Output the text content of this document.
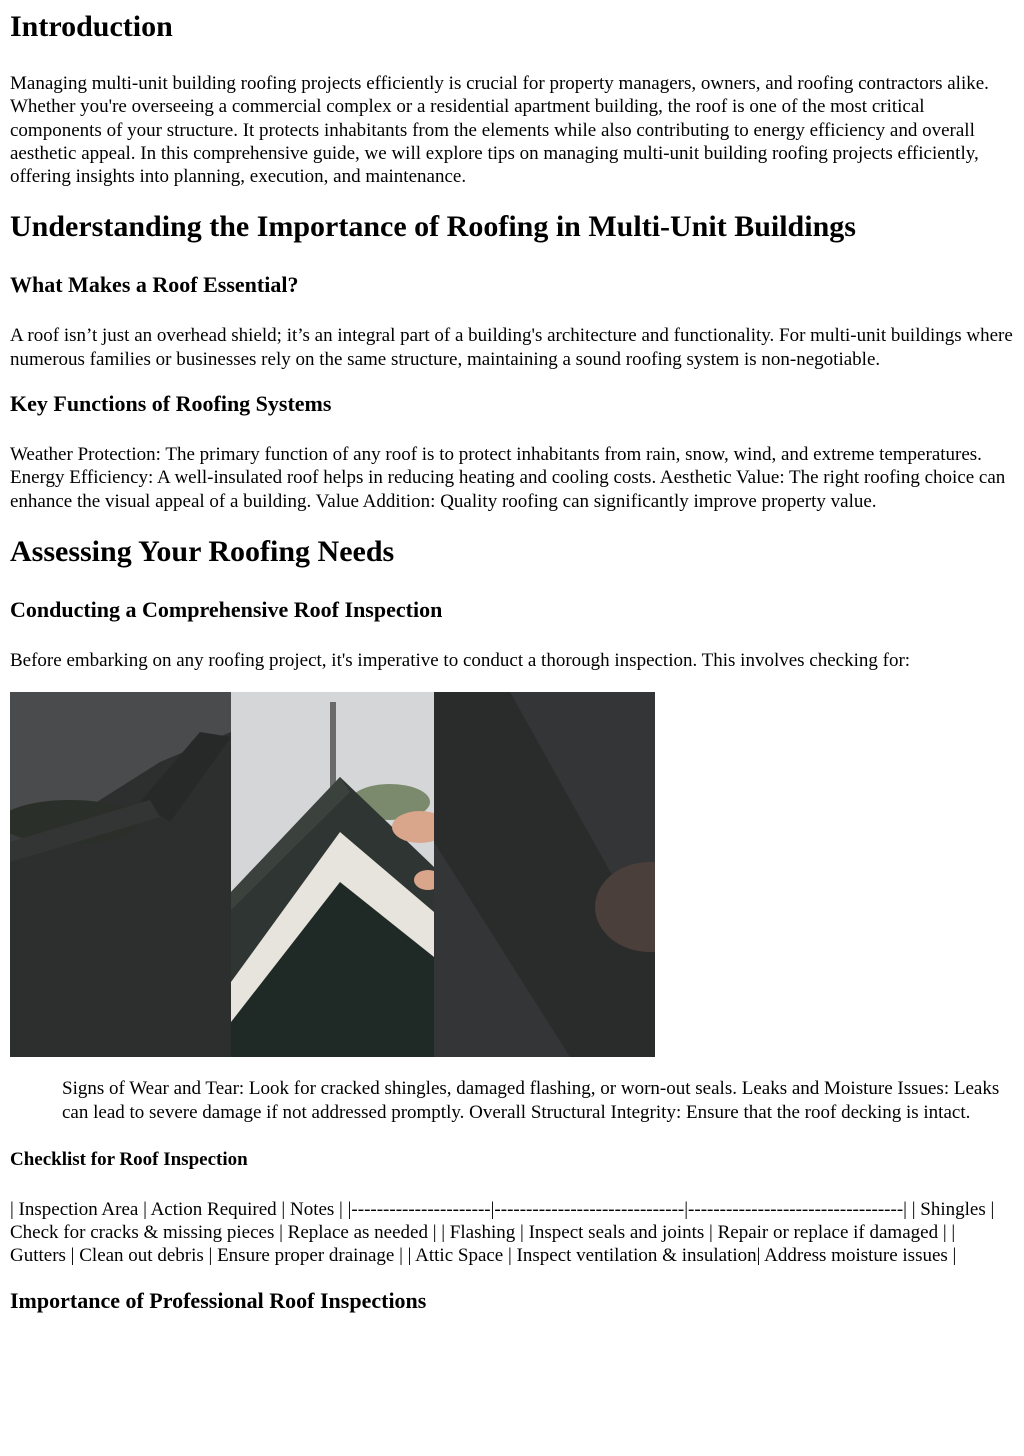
Introduction

Managing multi-unit building roofing projects efficiently is crucial for property managers, owners, and roofing contractors alike. Whether you're overseeing a commercial complex or a residential apartment building, the roof is one of the most critical components of your structure. It protects inhabitants from the elements while also contributing to energy efficiency and overall aesthetic appeal. In this comprehensive guide, we will explore tips on managing multi-unit building roofing projects efficiently, offering insights into planning, execution, and maintenance.

Understanding the Importance of Roofing in Multi-Unit Buildings
What Makes a Roof Essential?

A roof isn’t just an overhead shield; it’s an integral part of a building's architecture and functionality. For multi-unit buildings where numerous families or businesses rely on the same structure, maintaining a sound roofing system is non-negotiable.

Key Functions of Roofing Systems

Weather Protection: The primary function of any roof is to protect inhabitants from rain, snow, wind, and extreme temperatures. Energy Efficiency: A well-insulated roof helps in reducing heating and cooling costs. Aesthetic Value: The right roofing choice can enhance the visual appeal of a building. Value Addition: Quality roofing can significantly improve property value.

Assessing Your Roofing Needs
Conducting a Comprehensive Roof Inspection

Before embarking on any roofing project, it's imperative to conduct a thorough inspection. This involves checking for:

Signs of Wear and Tear: Look for cracked shingles, damaged flashing, or worn-out seals. Leaks and Moisture Issues: Leaks can lead to severe damage if not addressed promptly. Overall Structural Integrity: Ensure that the roof decking is intact.
Checklist for Roof Inspection

| Inspection Area | Action Required | Notes | |----------------------|------------------------------|----------------------------------| | Shingles | Check for cracks & missing pieces | Replace as needed | | Flashing | Inspect seals and joints | Repair or replace if damaged | | Gutters | Clean out debris | Ensure proper drainage | | Attic Space | Inspect ventilation & insulation| Address moisture issues |

Importance of Professional Roof Inspections
